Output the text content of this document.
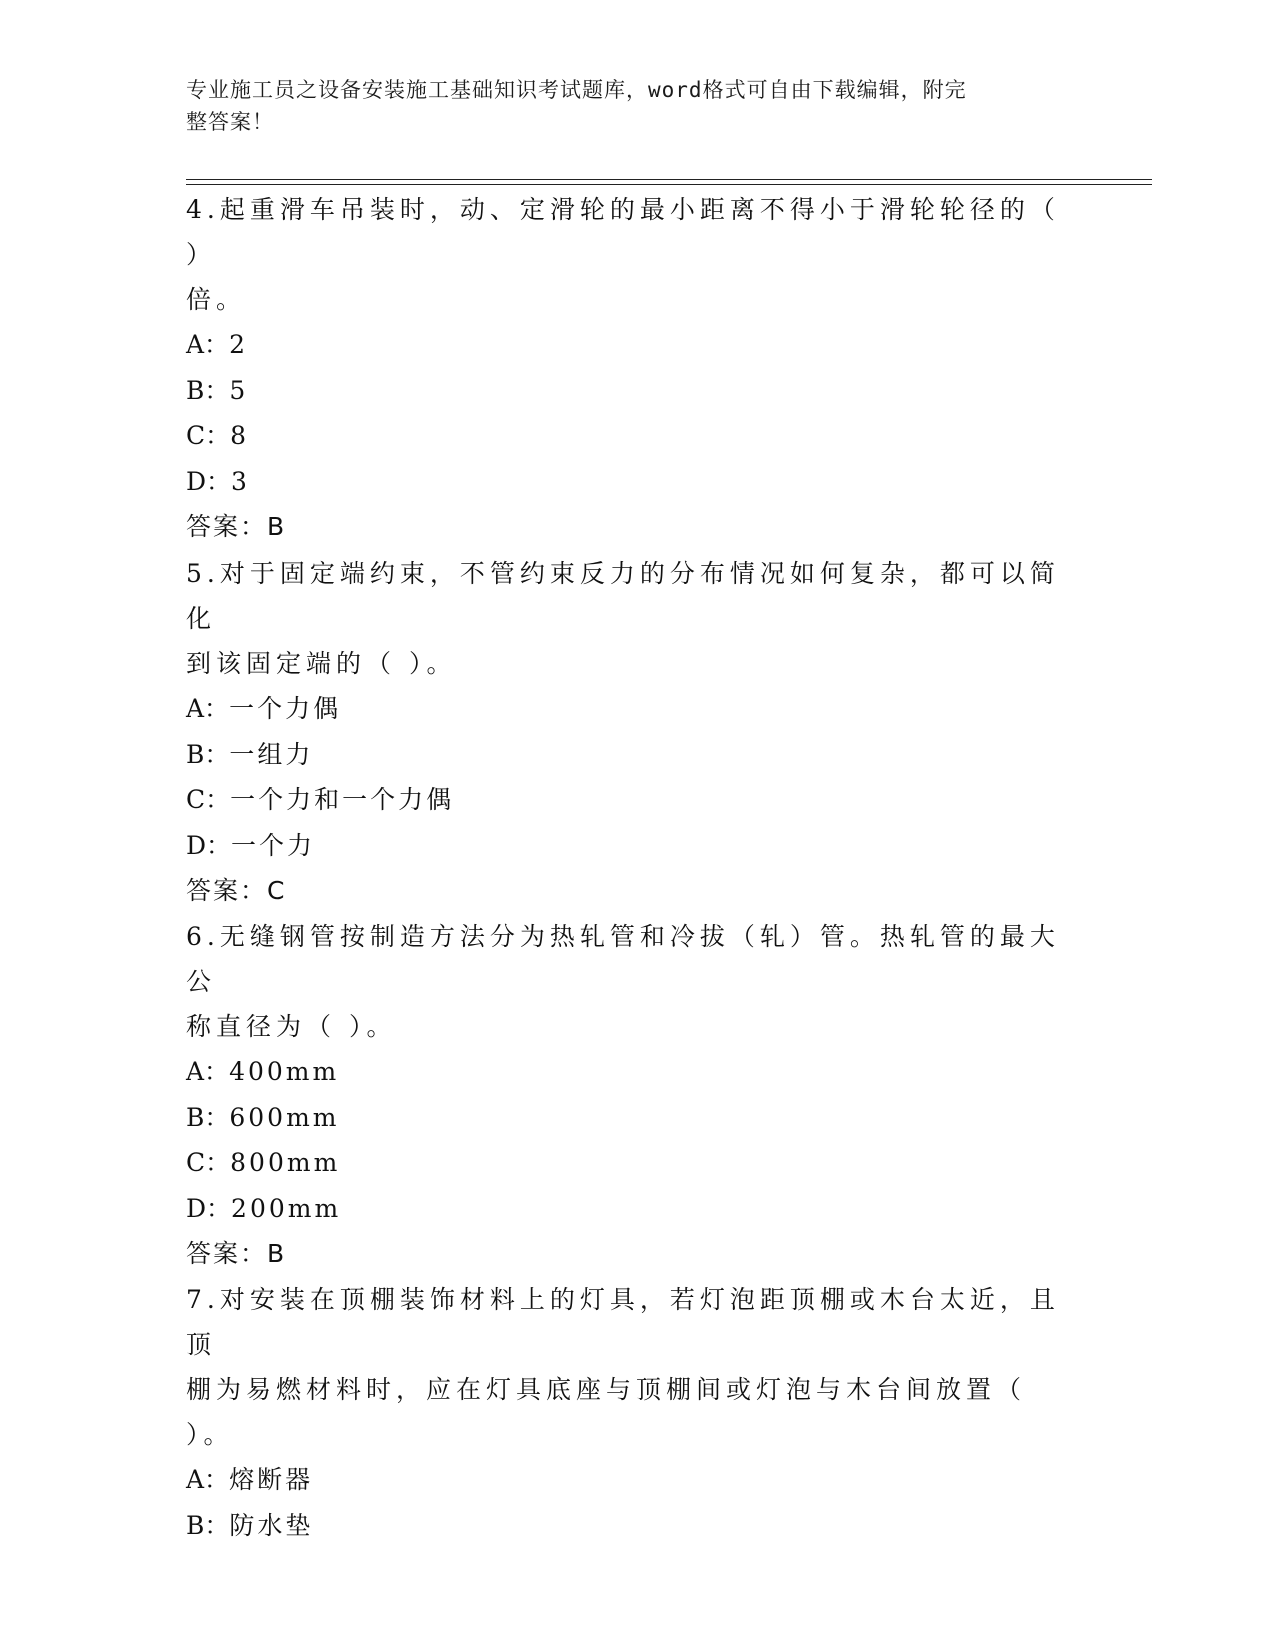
专业施工员之设备安装施工基础知识考试题库，word格式可自由下载编辑，附完
整答案！

4.起重滑车吊装时，动、定滑轮的最小距离不得小于滑轮轮径的（ ）

倍。

A：2

B：5

C：8

D：3

答案：B

5.对于固定端约束，不管约束反力的分布情况如何复杂，都可以简化

到该固定端的（ ）。

A：一个力偶

B：一组力

C：一个力和一个力偶

D：一个力

答案：C

6.无缝钢管按制造方法分为热轧管和冷拔（轧）管。热轧管的最大公

称直径为（ ）。

A：400mm

B：600mm

C：800mm

D：200mm

答案：B

7.对安装在顶棚装饰材料上的灯具，若灯泡距顶棚或木台太近，且顶

棚为易燃材料时，应在灯具底座与顶棚间或灯泡与木台间放置（ ）。

A：熔断器

B：防水垫
